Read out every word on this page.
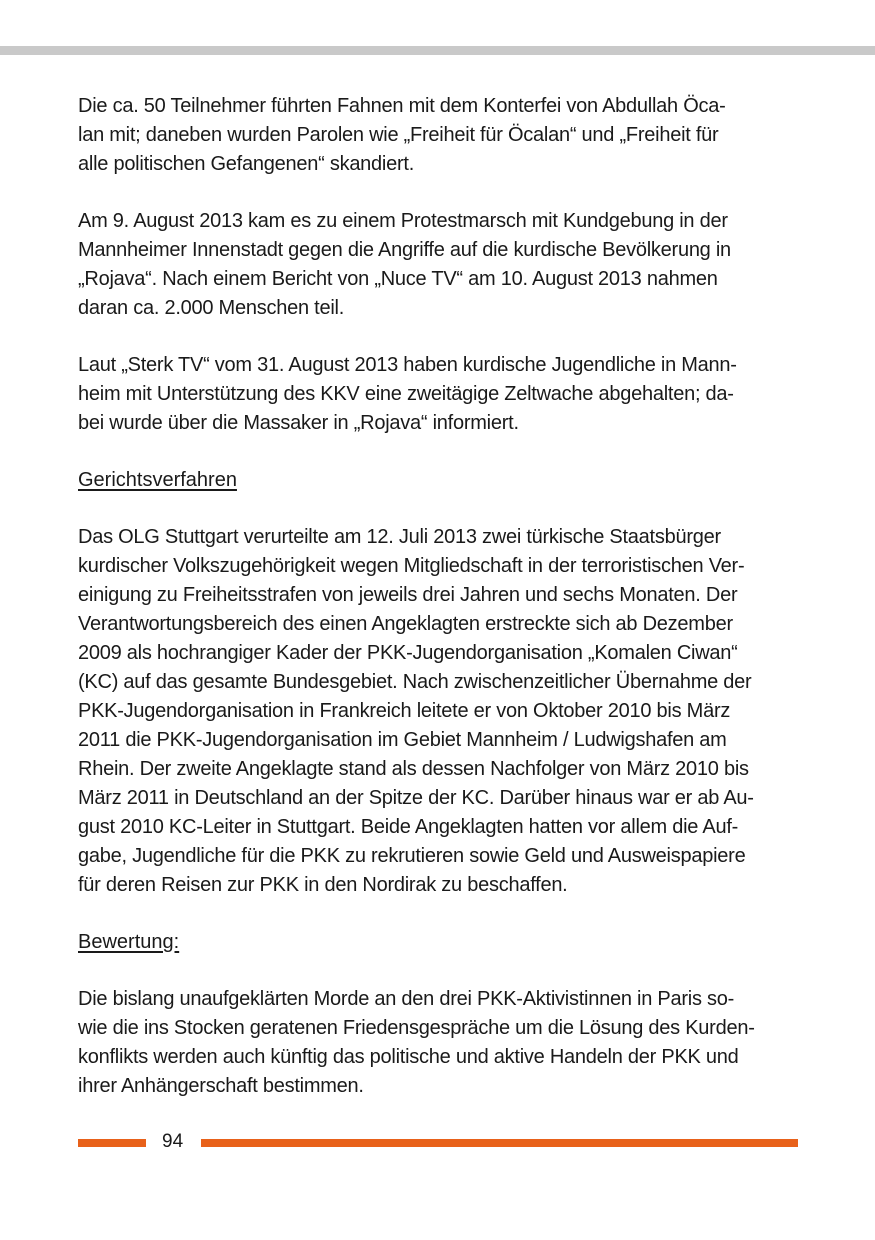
Die ca. 50 Teilnehmer führten Fahnen mit dem Konterfei von Abdullah Öca-
lan mit; daneben wurden Parolen wie „Freiheit für Öcalan“ und „Freiheit für
alle politischen Gefangenen“ skandiert.

Am 9. August 2013 kam es zu einem Protestmarsch mit Kundgebung in der
Mannheimer Innenstadt gegen die Angriffe auf die kurdische Bevölkerung in
„Rojava“. Nach einem Bericht von „Nuce TV“ am 10. August 2013 nahmen
daran ca. 2.000 Menschen teil.

Laut „Sterk TV“ vom 31. August 2013 haben kurdische Jugendliche in Mann-
heim mit Unterstützung des KKV eine zweitägige Zeltwache abgehalten; da-
bei wurde über die Massaker in „Rojava“ informiert.

Gerichtsverfahren

Das OLG Stuttgart verurteilte am 12. Juli 2013 zwei türkische Staatsbürger
kurdischer Volkszugehörigkeit wegen Mitgliedschaft in der terroristischen Ver-
einigung zu Freiheitsstrafen von jeweils drei Jahren und sechs Monaten. Der
Verantwortungsbereich des einen Angeklagten erstreckte sich ab Dezember
2009 als hochrangiger Kader der PKK-Jugendorganisation „Komalen Ciwan“
(KC) auf das gesamte Bundesgebiet. Nach zwischenzeitlicher Übernahme der
PKK-Jugendorganisation in Frankreich leitete er von Oktober 2010 bis März
2011 die PKK-Jugendorganisation im Gebiet Mannheim / Ludwigshafen am
Rhein. Der zweite Angeklagte stand als dessen Nachfolger von März 2010 bis
März 2011 in Deutschland an der Spitze der KC. Darüber hinaus war er ab Au-
gust 2010 KC-Leiter in Stuttgart. Beide Angeklagten hatten vor allem die Auf-
gabe, Jugendliche für die PKK zu rekrutieren sowie Geld und Ausweispapiere
für deren Reisen zur PKK in den Nordirak zu beschaffen.

Bewertung:

Die bislang unaufgeklärten Morde an den drei PKK-Aktivistinnen in Paris so-
wie die ins Stocken geratenen Friedensgespräche um die Lösung des Kurden-
konflikts werden auch künftig das politische und aktive Handeln der PKK und
ihrer Anhängerschaft bestimmen.

94
